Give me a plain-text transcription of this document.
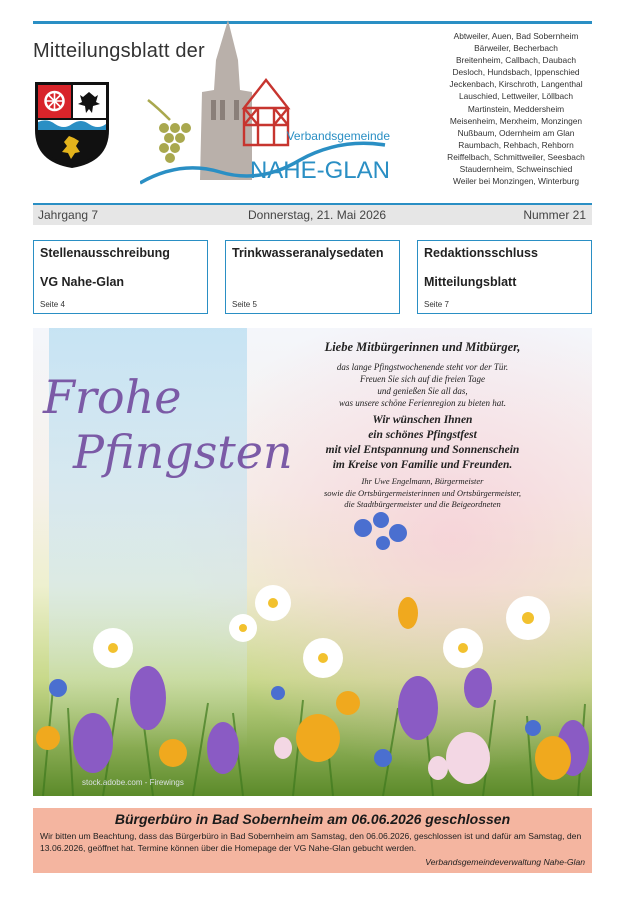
Mitteilungsblatt der
Verbandsgemeinde
NAHE-GLAN
Abtweiler, Auen, Bad Sobernheim
Bärweiler, Becherbach
Breitenheim, Callbach, Daubach
Desloch, Hundsbach, Ippenschied
Jeckenbach, Kirschroth, Langenthal
Lauschied, Lettweiler, Löllbach
Martinstein, Meddersheim
Meisenheim, Merxheim, Monzingen
Nußbaum, Odernheim am Glan
Raumbach, Rehbach, Rehborn
Reiffelbach, Schmittweiler, Seesbach
Staudernheim, Schweinschied
Weiler bei Monzingen, Winterburg
Jahrgang 7	Donnerstag, 21. Mai 2026	Nummer 21
Stellenausschreibung
VG Nahe-Glan
Seite 4
Trinkwasseranalysedaten
Seite 5
Redaktionsschluss
Mitteilungsblatt
Seite 7
Frohe
Pfingsten
Liebe Mitbürgerinnen und Mitbürger,
das lange Pfingstwochenende steht vor der Tür.
Freuen Sie sich auf die freien Tage
und genießen Sie all das,
was unsere schöne Ferienregion zu bieten hat.
Wir wünschen Ihnen
ein schönes Pfingstfest
mit viel Entspannung und Sonnenschein
im Kreise von Familie und Freunden.
Ihr Uwe Engelmann, Bürgermeister
sowie die Ortsbürgermeisterinnen und Ortsbürgermeister,
die Stadtbürgermeister und die Beigeordneten
stock.adobe.com - Firewings
Bürgerbüro in Bad Sobernheim am 06.06.2026 geschlossen
Wir bitten um Beachtung, dass das Bürgerbüro in Bad Sobernheim am Samstag, den 06.06.2026, geschlossen ist und dafür am Samstag, den 13.06.2026, geöffnet hat. Termine können über die Homepage der VG Nahe-Glan gebucht werden.
Verbandsgemeindeverwaltung Nahe-Glan
